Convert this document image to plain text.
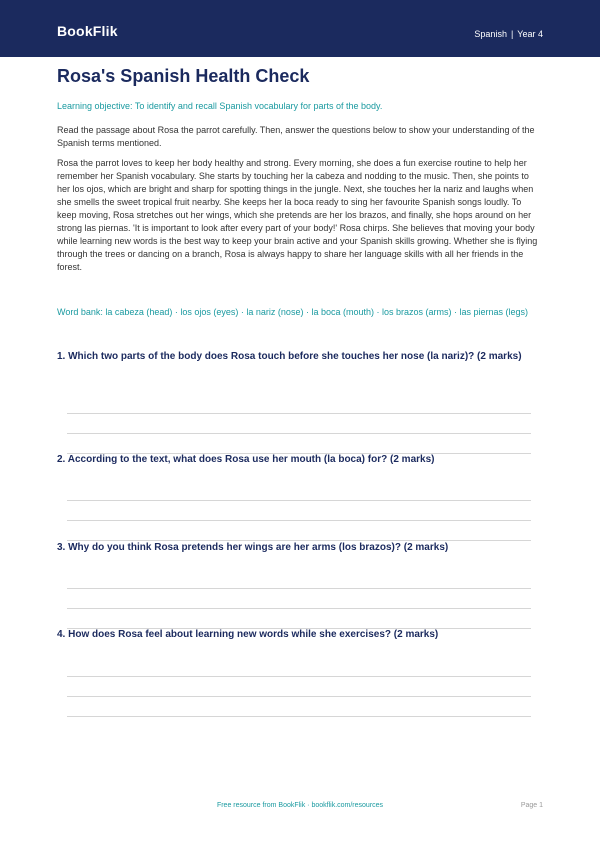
BookFlik	Spanish | Year 4
Rosa's Spanish Health Check

Learning objective: To identify and recall Spanish vocabulary for parts of the body.

Read the passage about Rosa the parrot carefully. Then, answer the questions below to show your understanding of the Spanish terms mentioned.

Rosa the parrot loves to keep her body healthy and strong. Every morning, she does a fun exercise routine to help her remember her Spanish vocabulary. She starts by touching her la cabeza and nodding to the music. Then, she points to her los ojos, which are bright and sharp for spotting things in the jungle. Next, she touches her la nariz and laughs when she smells the sweet tropical fruit nearby. She keeps her la boca ready to sing her favourite Spanish songs loudly. To keep moving, Rosa stretches out her wings, which she pretends are her los brazos, and finally, she hops around on her strong las piernas. 'It is important to look after every part of your body!' Rosa chirps. She believes that moving your body while learning new words is the best way to keep your brain active and your Spanish skills growing. Whether she is flying through the trees or dancing on a branch, Rosa is always happy to share her language skills with all her friends in the forest.

Word bank: la cabeza (head) · los ojos (eyes) · la nariz (nose) · la boca (mouth) · los brazos (arms) · las piernas (legs)

1. Which two parts of the body does Rosa touch before she touches her nose (la nariz)? (2 marks)

2. According to the text, what does Rosa use her mouth (la boca) for? (2 marks)

3. Why do you think Rosa pretends her wings are her arms (los brazos)? (2 marks)

4. How does Rosa feel about learning new words while she exercises? (2 marks)

Free resource from BookFlik · bookflik.com/resources	Page 1
